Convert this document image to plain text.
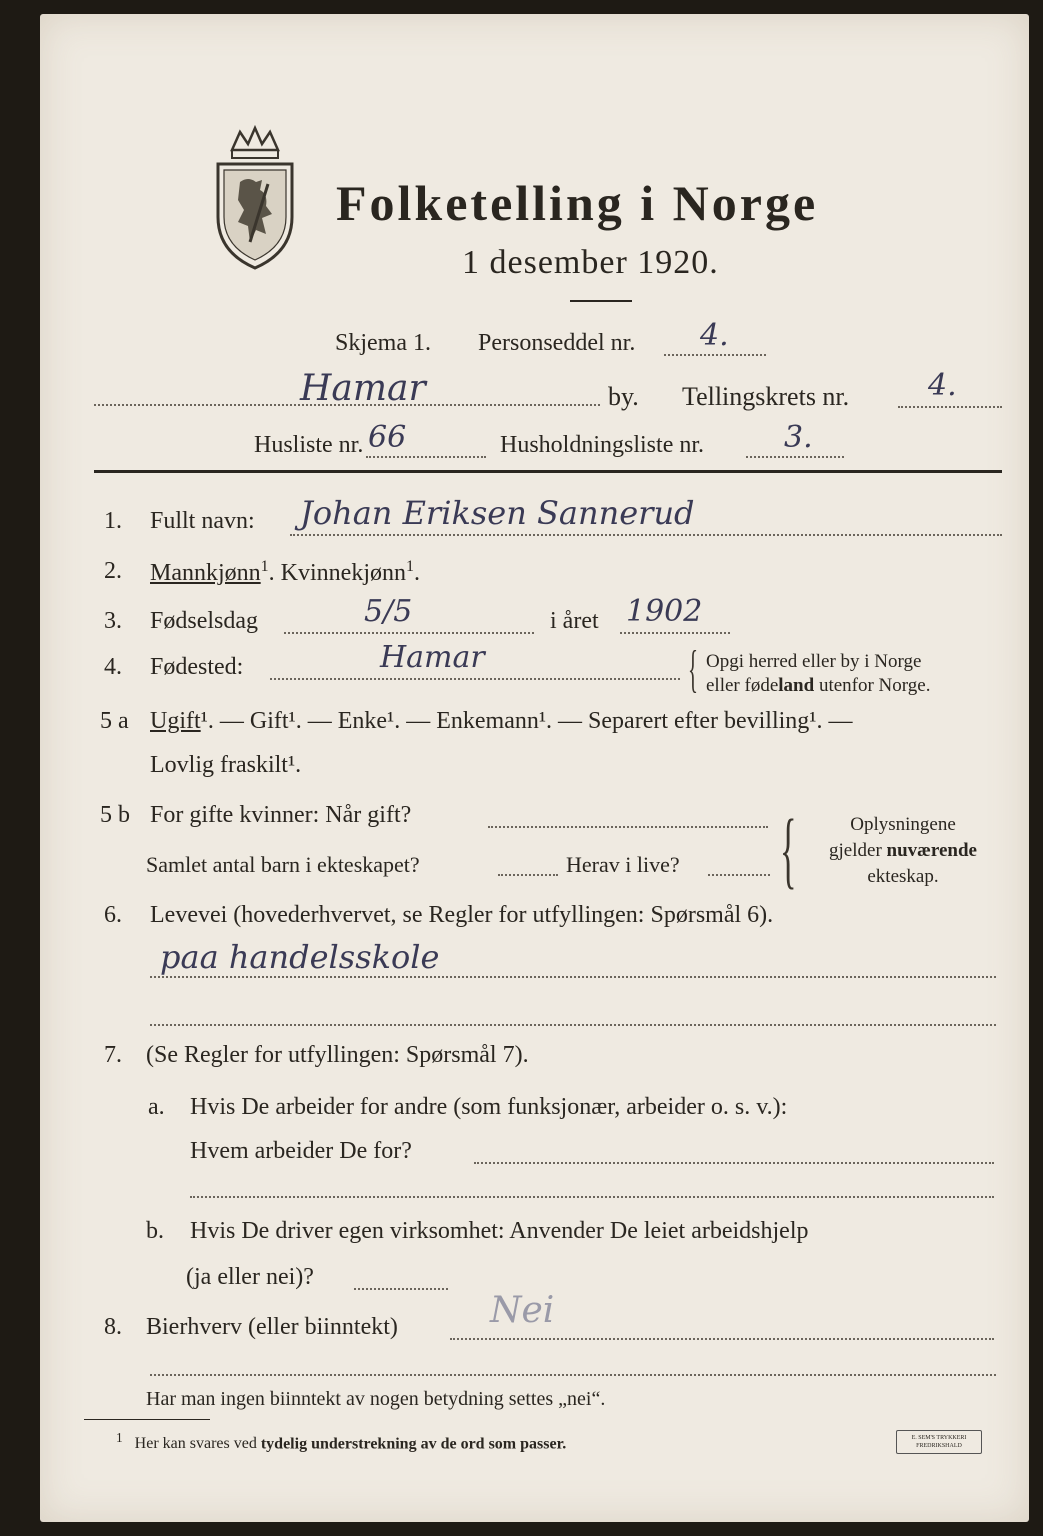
Folketelling i Norge
1 desember 1920.
Skjema 1. Personseddel nr. 4.
Hamar	by. Tellingskrets nr.	4.
Husliste nr. 66	Husholdningsliste nr.	3.
1. Fullt navn: Johan Eriksen Sannerud
2. Mannkjønn$^1$. Kvinnekjønn$^1$.
3. Fødselsdag	5/5	i året 1902
4. Fødested:	Hamar	{ Opgi herred eller by i Norge
eller fødeland utenfor Norge.
5 a Ugift¹. — Gift¹. — Enke¹. — Enkemann¹. — Separert efter bevilling¹. —
Lovlig fraskilt¹.
5 b For gifte kvinner: Når gift?
Samlet antal barn i ekteskapet?	Herav i live? {	Oplysningene
gjelder nuværende
ekteskap.
6. Levevei (hovederhvervet, se Regler for utfyllingen: Spørsmål 6).
paa handelsskole
7. (Se Regler for utfyllingen: Spørsmål 7).
a. Hvis De arbeider for andre (som funksjonær, arbeider o. s. v.):
Hvem arbeider De for?
b. Hvis De driver egen virksomhet: Anvender De leiet arbeidshjelp
(ja eller nei)?
8. Bierhverv (eller biinntekt)	Nei
Har man ingen biinntekt av nogen betydning settes „nei“.
$^1$ Her kan svares ved tydelig understrekning av de ord som passer.	E. SEM'S TRYKKERI FREDRIKSHALD
